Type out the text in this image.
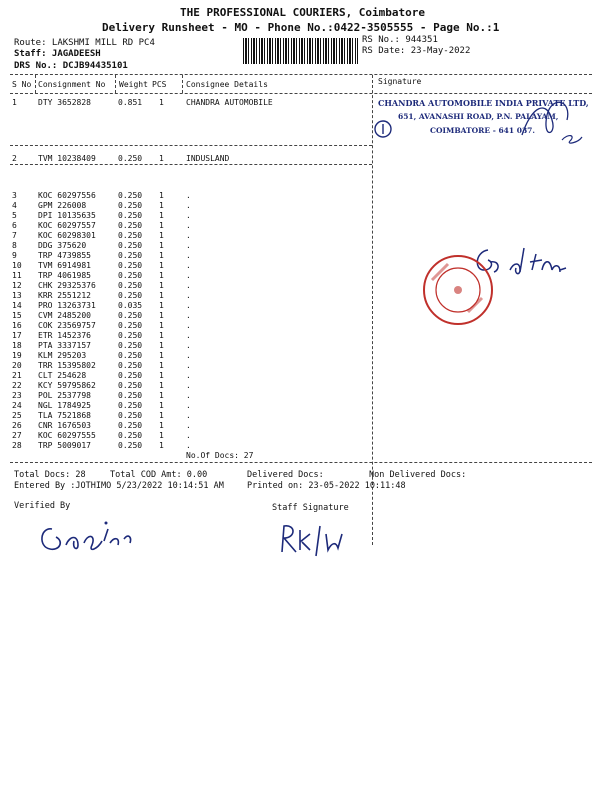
THE PROFESSIONAL COURIERS, Coimbatore
Delivery Runsheet - MO - Phone No.:0422-3505555 - Page No.:1
Route: LAKSHMI MILL RD PC4
Staff: JAGADEESH
DRS No.: DCJB94435101
RS No.: 944351
RS Date: 23-May-2022
S No Consignment No Weight PCS Consignee Details	Signature
1	DTY 3652828	0.851 1	CHANDRA AUTOMOBILE
2	TVM 10238409	0.250 1	INDUSLAND
3	KOC 60297556	0.250 1	.
4	GPM 226008	0.250 1	.
5	DPI 10135635	0.250 1	.
6	KOC 60297557	0.250 1	.
7	KOC 60298301	0.250 1	.
8	DDG 375620	0.250 1	.
9	TRP 4739855	0.250 1	.
10 TVM 6914981	0.250 1	.
11 TRP 4061985	0.250 1	.
12 CHK 29325376	0.250 1	.
13 KRR 2551212	0.250 1	.
14 PRO 13263731	0.035 1	.
15 CVM 2485200	0.250 1	.
16 COK 23569757	0.250 1	.
17 ETR 1452376	0.250 1	.
18 PTA 3337157	0.250 1	.
19 KLM 295203	0.250 1	.
20 TRR 15395802	0.250 1	.
21 CLT 254628	0.250 1	.
22 KCY 59795862	0.250 1	.
23 POL 2537798	0.250 1	.
24 NGL 1784925	0.250 1	.
25 TLA 7521868	0.250 1	.
26 CNR 1676503	0.250 1	.
27 KOC 60297555	0.250 1	.
28 TRP 5009017	0.250 1	.
No.Of Docs: 27
Total Docs: 28	Total COD Amt: 0.00	Delivered Docs:	Non Delivered Docs:
Entered By :JOTHIMO 5/23/2022 10:14:51 AM	Printed on: 23-05-2022 10:11:48
Verified By	Staff Signature
CHANDRA AUTOMOBILE INDIA PRIVATE LTD,
651, AVANASHI ROAD, P.N. PALAYAM,
COIMBATORE - 641 037.
